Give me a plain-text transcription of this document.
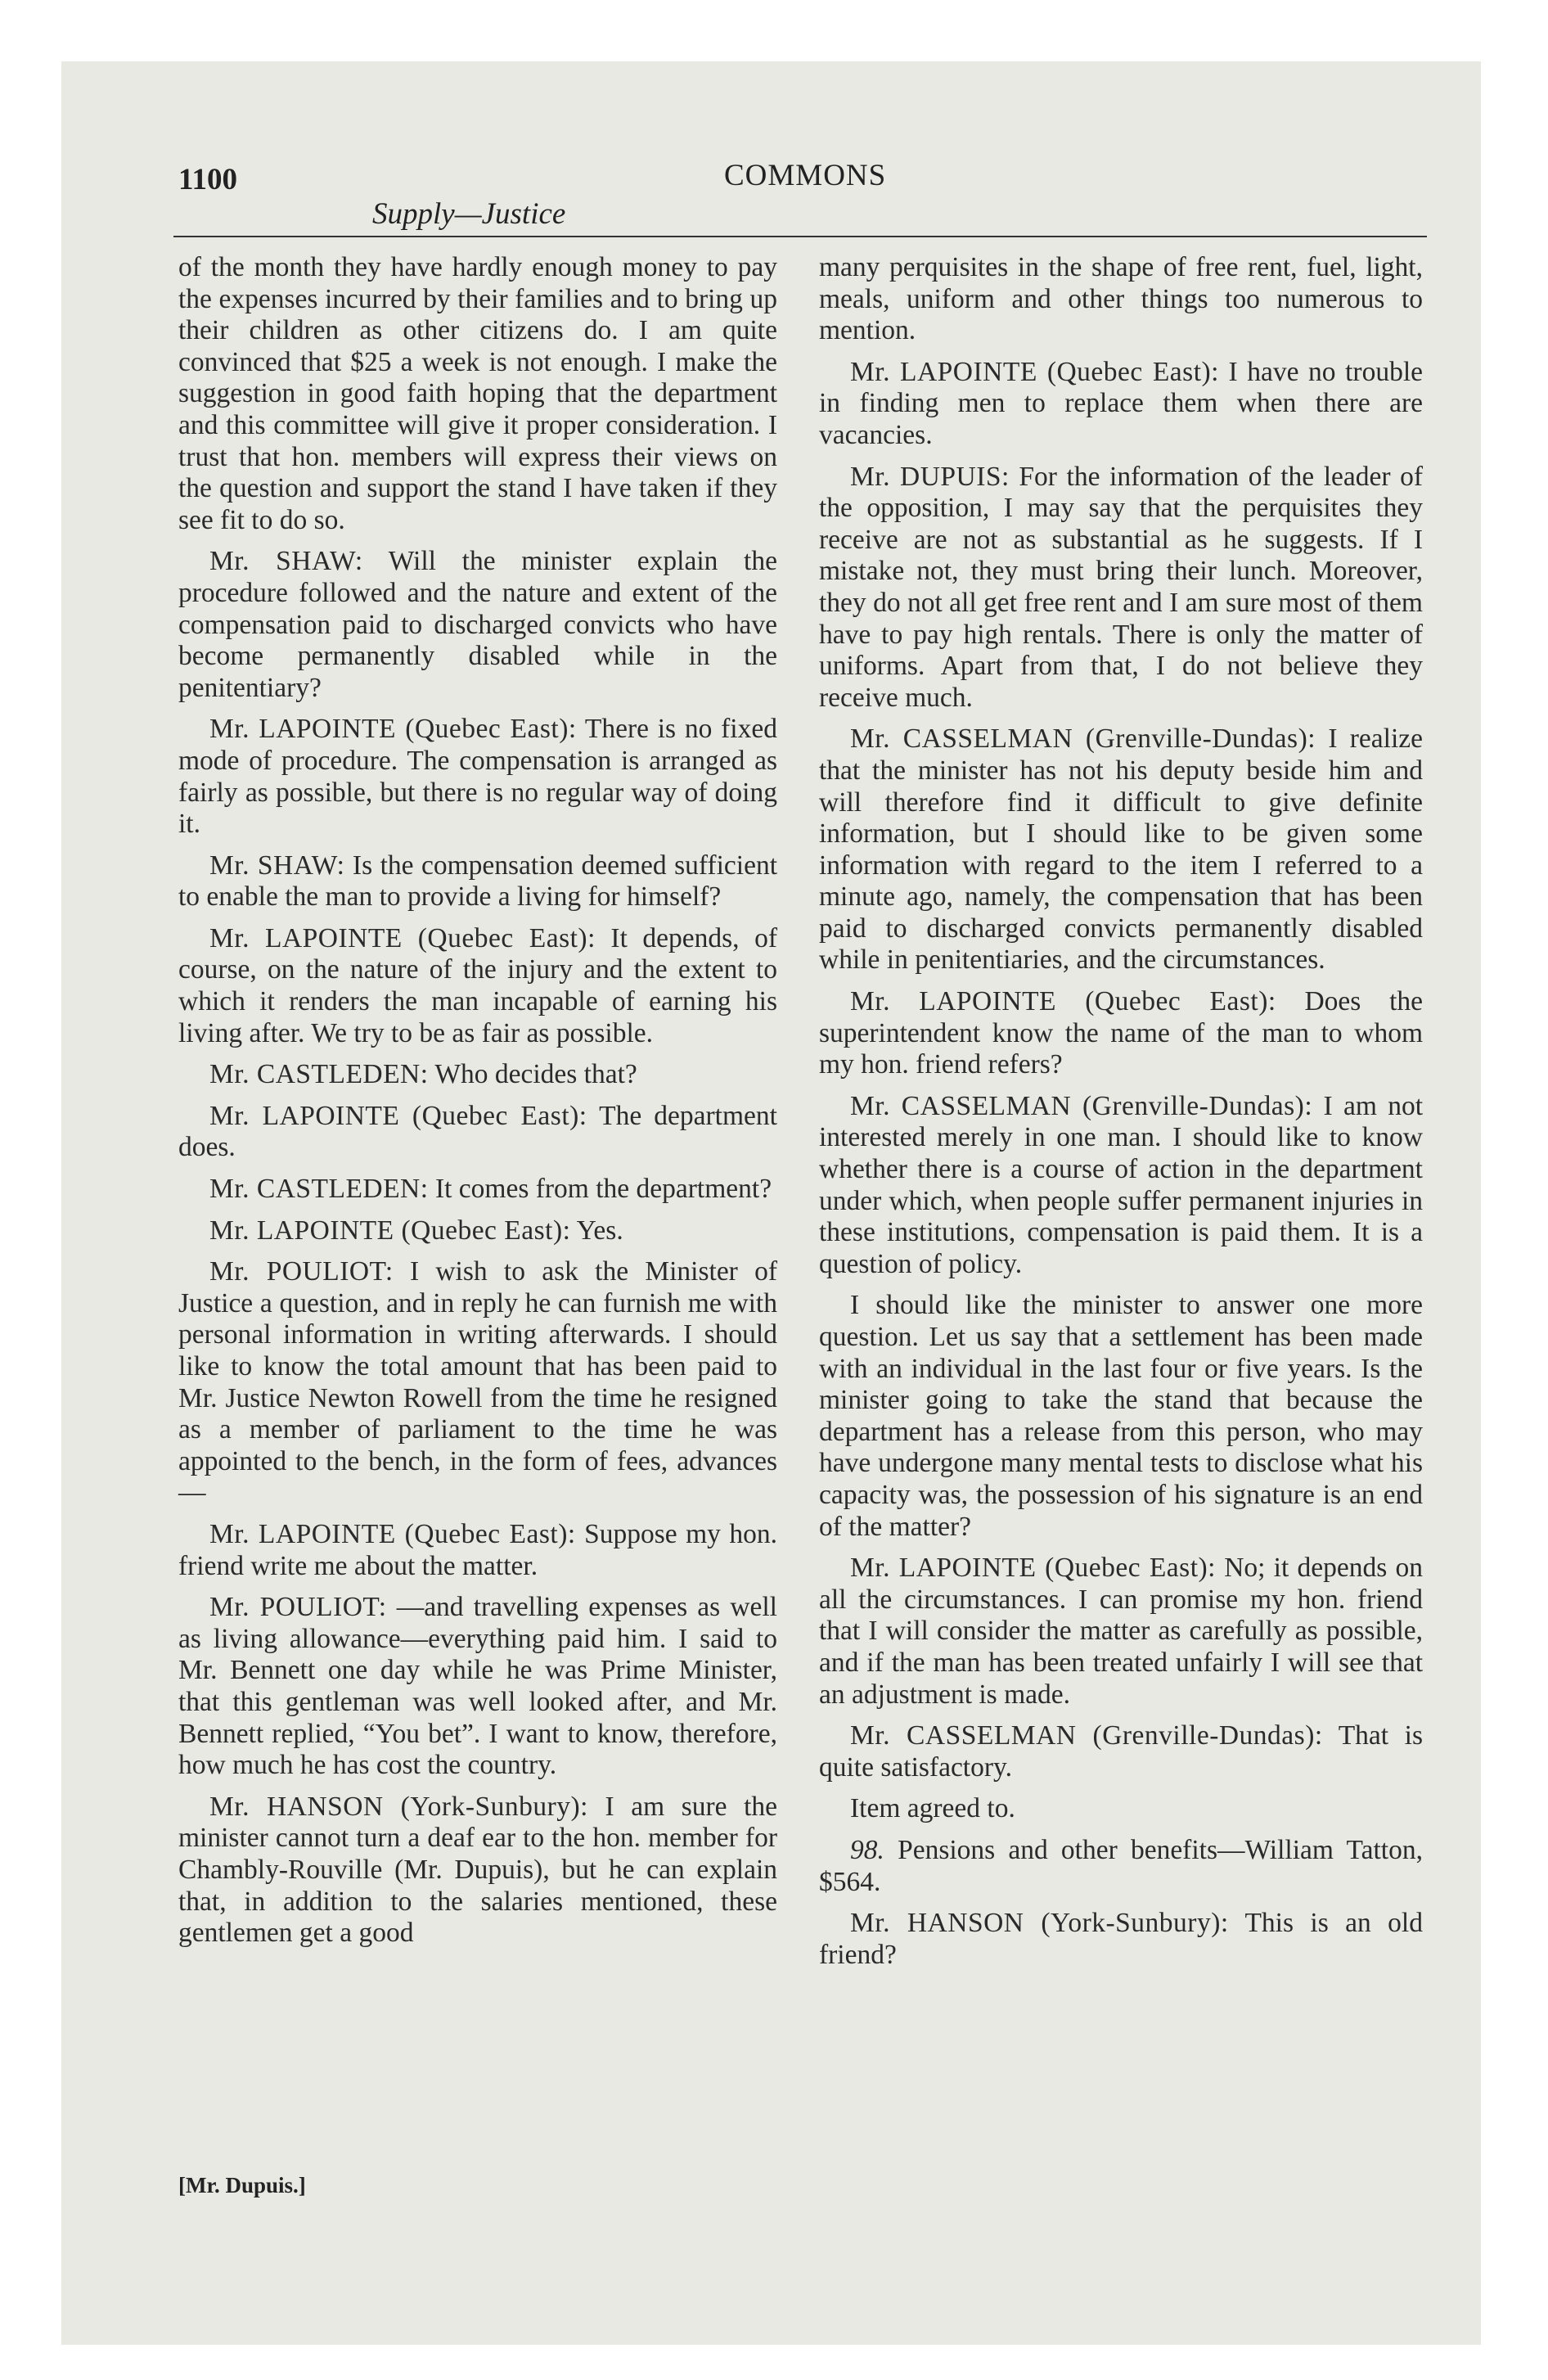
1100	COMMONS
Supply—Justice

of the month they have hardly enough money to pay the expenses incurred by their families and to bring up their children as other citizens do. I am quite convinced that $25 a week is not enough. I make the suggestion in good faith hoping that the department and this committee will give it proper consideration. I trust that hon. members will express their views on the question and support the stand I have taken if they see fit to do so.

Mr. SHAW: Will the minister explain the procedure followed and the nature and extent of the compensation paid to discharged convicts who have become permanently disabled while in the penitentiary?

Mr. LAPOINTE (Quebec East): There is no fixed mode of procedure. The compensation is arranged as fairly as possible, but there is no regular way of doing it.

Mr. SHAW: Is the compensation deemed sufficient to enable the man to provide a living for himself?

Mr. LAPOINTE (Quebec East): It depends, of course, on the nature of the injury and the extent to which it renders the man incapable of earning his living after. We try to be as fair as possible.

Mr. CASTLEDEN: Who decides that?

Mr. LAPOINTE (Quebec East): The department does.

Mr. CASTLEDEN: It comes from the department?

Mr. LAPOINTE (Quebec East): Yes.

Mr. POULIOT: I wish to ask the Minister of Justice a question, and in reply he can furnish me with personal information in writing afterwards. I should like to know the total amount that has been paid to Mr. Justice Newton Rowell from the time he resigned as a member of parliament to the time he was appointed to the bench, in the form of fees, advances—

Mr. LAPOINTE (Quebec East): Suppose my hon. friend write me about the matter.

Mr. POULIOT: —and travelling expenses as well as living allowance—everything paid him. I said to Mr. Bennett one day while he was Prime Minister, that this gentleman was well looked after, and Mr. Bennett replied, “You bet”. I want to know, therefore, how much he has cost the country.

Mr. HANSON (York-Sunbury): I am sure the minister cannot turn a deaf ear to the hon. member for Chambly-Rouville (Mr. Dupuis), but he can explain that, in addition to the salaries mentioned, these gentlemen get a good

many perquisites in the shape of free rent, fuel, light, meals, uniform and other things too numerous to mention.

Mr. LAPOINTE (Quebec East): I have no trouble in finding men to replace them when there are vacancies.

Mr. DUPUIS: For the information of the leader of the opposition, I may say that the perquisites they receive are not as substantial as he suggests. If I mistake not, they must bring their lunch. Moreover, they do not all get free rent and I am sure most of them have to pay high rentals. There is only the matter of uniforms. Apart from that, I do not believe they receive much.

Mr. CASSELMAN (Grenville-Dundas): I realize that the minister has not his deputy beside him and will therefore find it difficult to give definite information, but I should like to be given some information with regard to the item I referred to a minute ago, namely, the compensation that has been paid to discharged convicts permanently disabled while in penitentiaries, and the circumstances.

Mr. LAPOINTE (Quebec East): Does the superintendent know the name of the man to whom my hon. friend refers?

Mr. CASSELMAN (Grenville-Dundas): I am not interested merely in one man. I should like to know whether there is a course of action in the department under which, when people suffer permanent injuries in these institutions, compensation is paid them. It is a question of policy.

I should like the minister to answer one more question. Let us say that a settlement has been made with an individual in the last four or five years. Is the minister going to take the stand that because the department has a release from this person, who may have undergone many mental tests to disclose what his capacity was, the possession of his signature is an end of the matter?

Mr. LAPOINTE (Quebec East): No; it depends on all the circumstances. I can promise my hon. friend that I will consider the matter as carefully as possible, and if the man has been treated unfairly I will see that an adjustment is made.

Mr. CASSELMAN (Grenville-Dundas): That is quite satisfactory.

Item agreed to.

98. Pensions and other benefits—William Tatton, $564.

Mr. HANSON (York-Sunbury): This is an old friend?

[Mr. Dupuis.]
